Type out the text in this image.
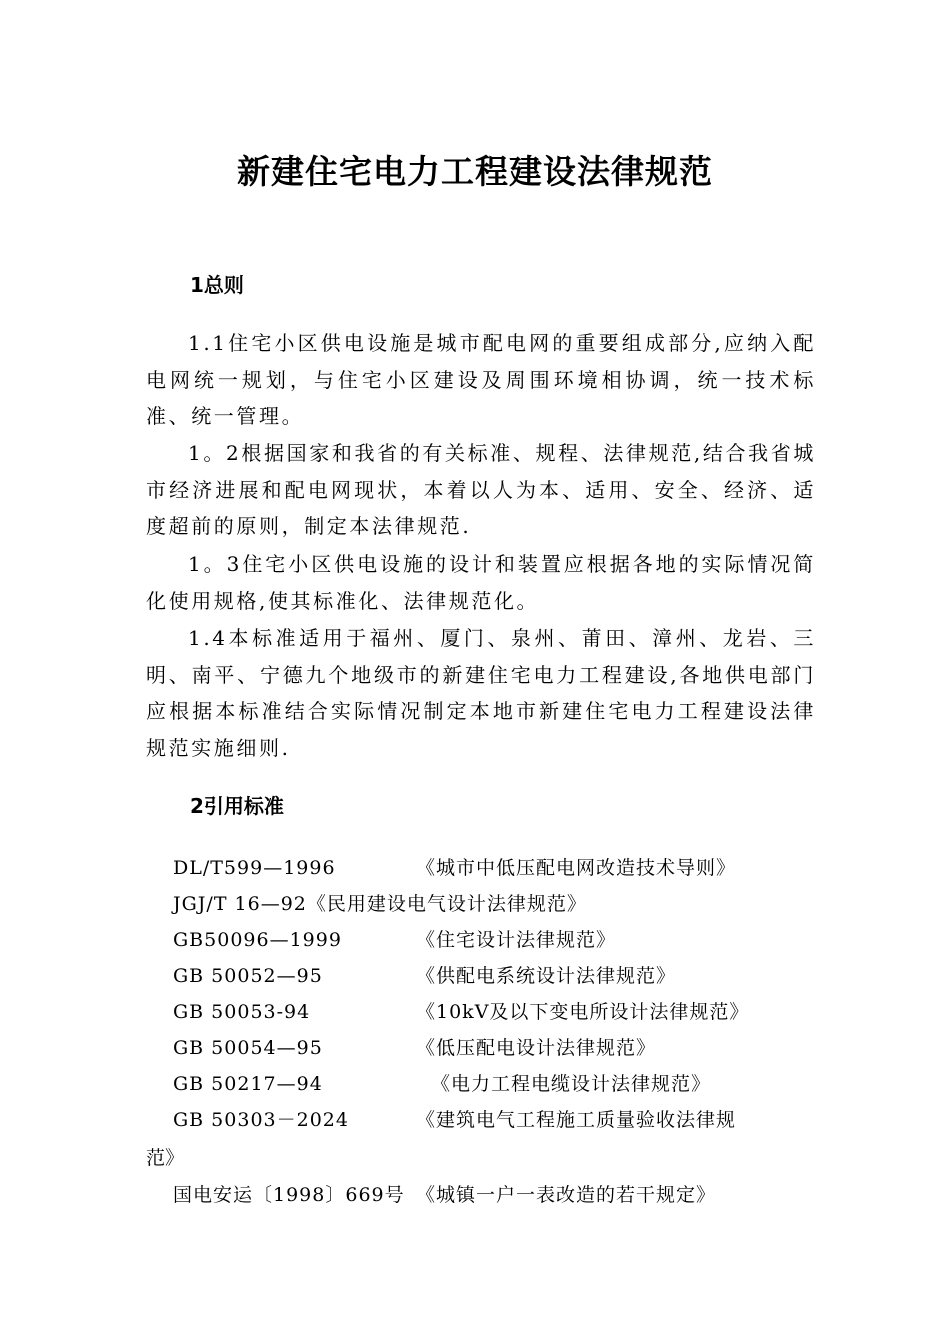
新建住宅电力工程建设法律规范
1总则
1.1住宅小区供电设施是城市配电网的重要组成部分,应纳入配电网统一规划，与住宅小区建设及周围环境相协调，统一技术标准、统一管理。
1。2根据国家和我省的有关标准、规程、法律规范,结合我省城市经济进展和配电网现状，本着以人为本、适用、安全、经济、适度超前的原则，制定本法律规范.
1。3住宅小区供电设施的设计和装置应根据各地的实际情况简化使用规格,使其标准化、法律规范化。
1.4本标准适用于福州、厦门、泉州、莆田、漳州、龙岩、三明、南平、宁德九个地级市的新建住宅电力工程建设,各地供电部门应根据本标准结合实际情况制定本地市新建住宅电力工程建设法律规范实施细则.
2引用标准
DL/T599—1996	《城市中低压配电网改造技术导则》
JGJ/T 16—92《民用建设电气设计法律规范》
GB50096—1999	《住宅设计法律规范》
GB 50052—95	《供配电系统设计法律规范》
GB 50053-94	《10kV及以下变电所设计法律规范》
GB 50054—95	《低压配电设计法律规范》
GB 50217—94	《电力工程电缆设计法律规范》
GB 50303－2024	《建筑电气工程施工质量验收法律规
范》
国电安运〔1998〕669号 《城镇一户一表改造的若干规定》
